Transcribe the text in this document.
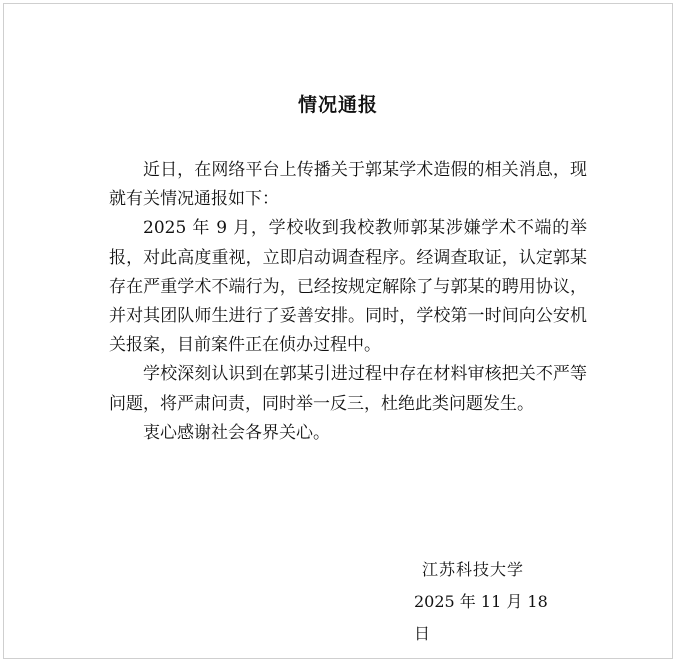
情况通报

近日，在网络平台上传播关于郭某学术造假的相关消息，现就有关情况通报如下：

2025 年 9 月，学校收到我校教师郭某涉嫌学术不端的举报，对此高度重视，立即启动调查程序。经调查取证，认定郭某存在严重学术不端行为，已经按规定解除了与郭某的聘用协议，并对其团队师生进行了妥善安排。同时，学校第一时间向公安机关报案，目前案件正在侦办过程中。

学校深刻认识到在郭某引进过程中存在材料审核把关不严等问题，将严肃问责，同时举一反三，杜绝此类问题发生。

衷心感谢社会各界关心。

江苏科技大学
2025 年 11 月 18 日
